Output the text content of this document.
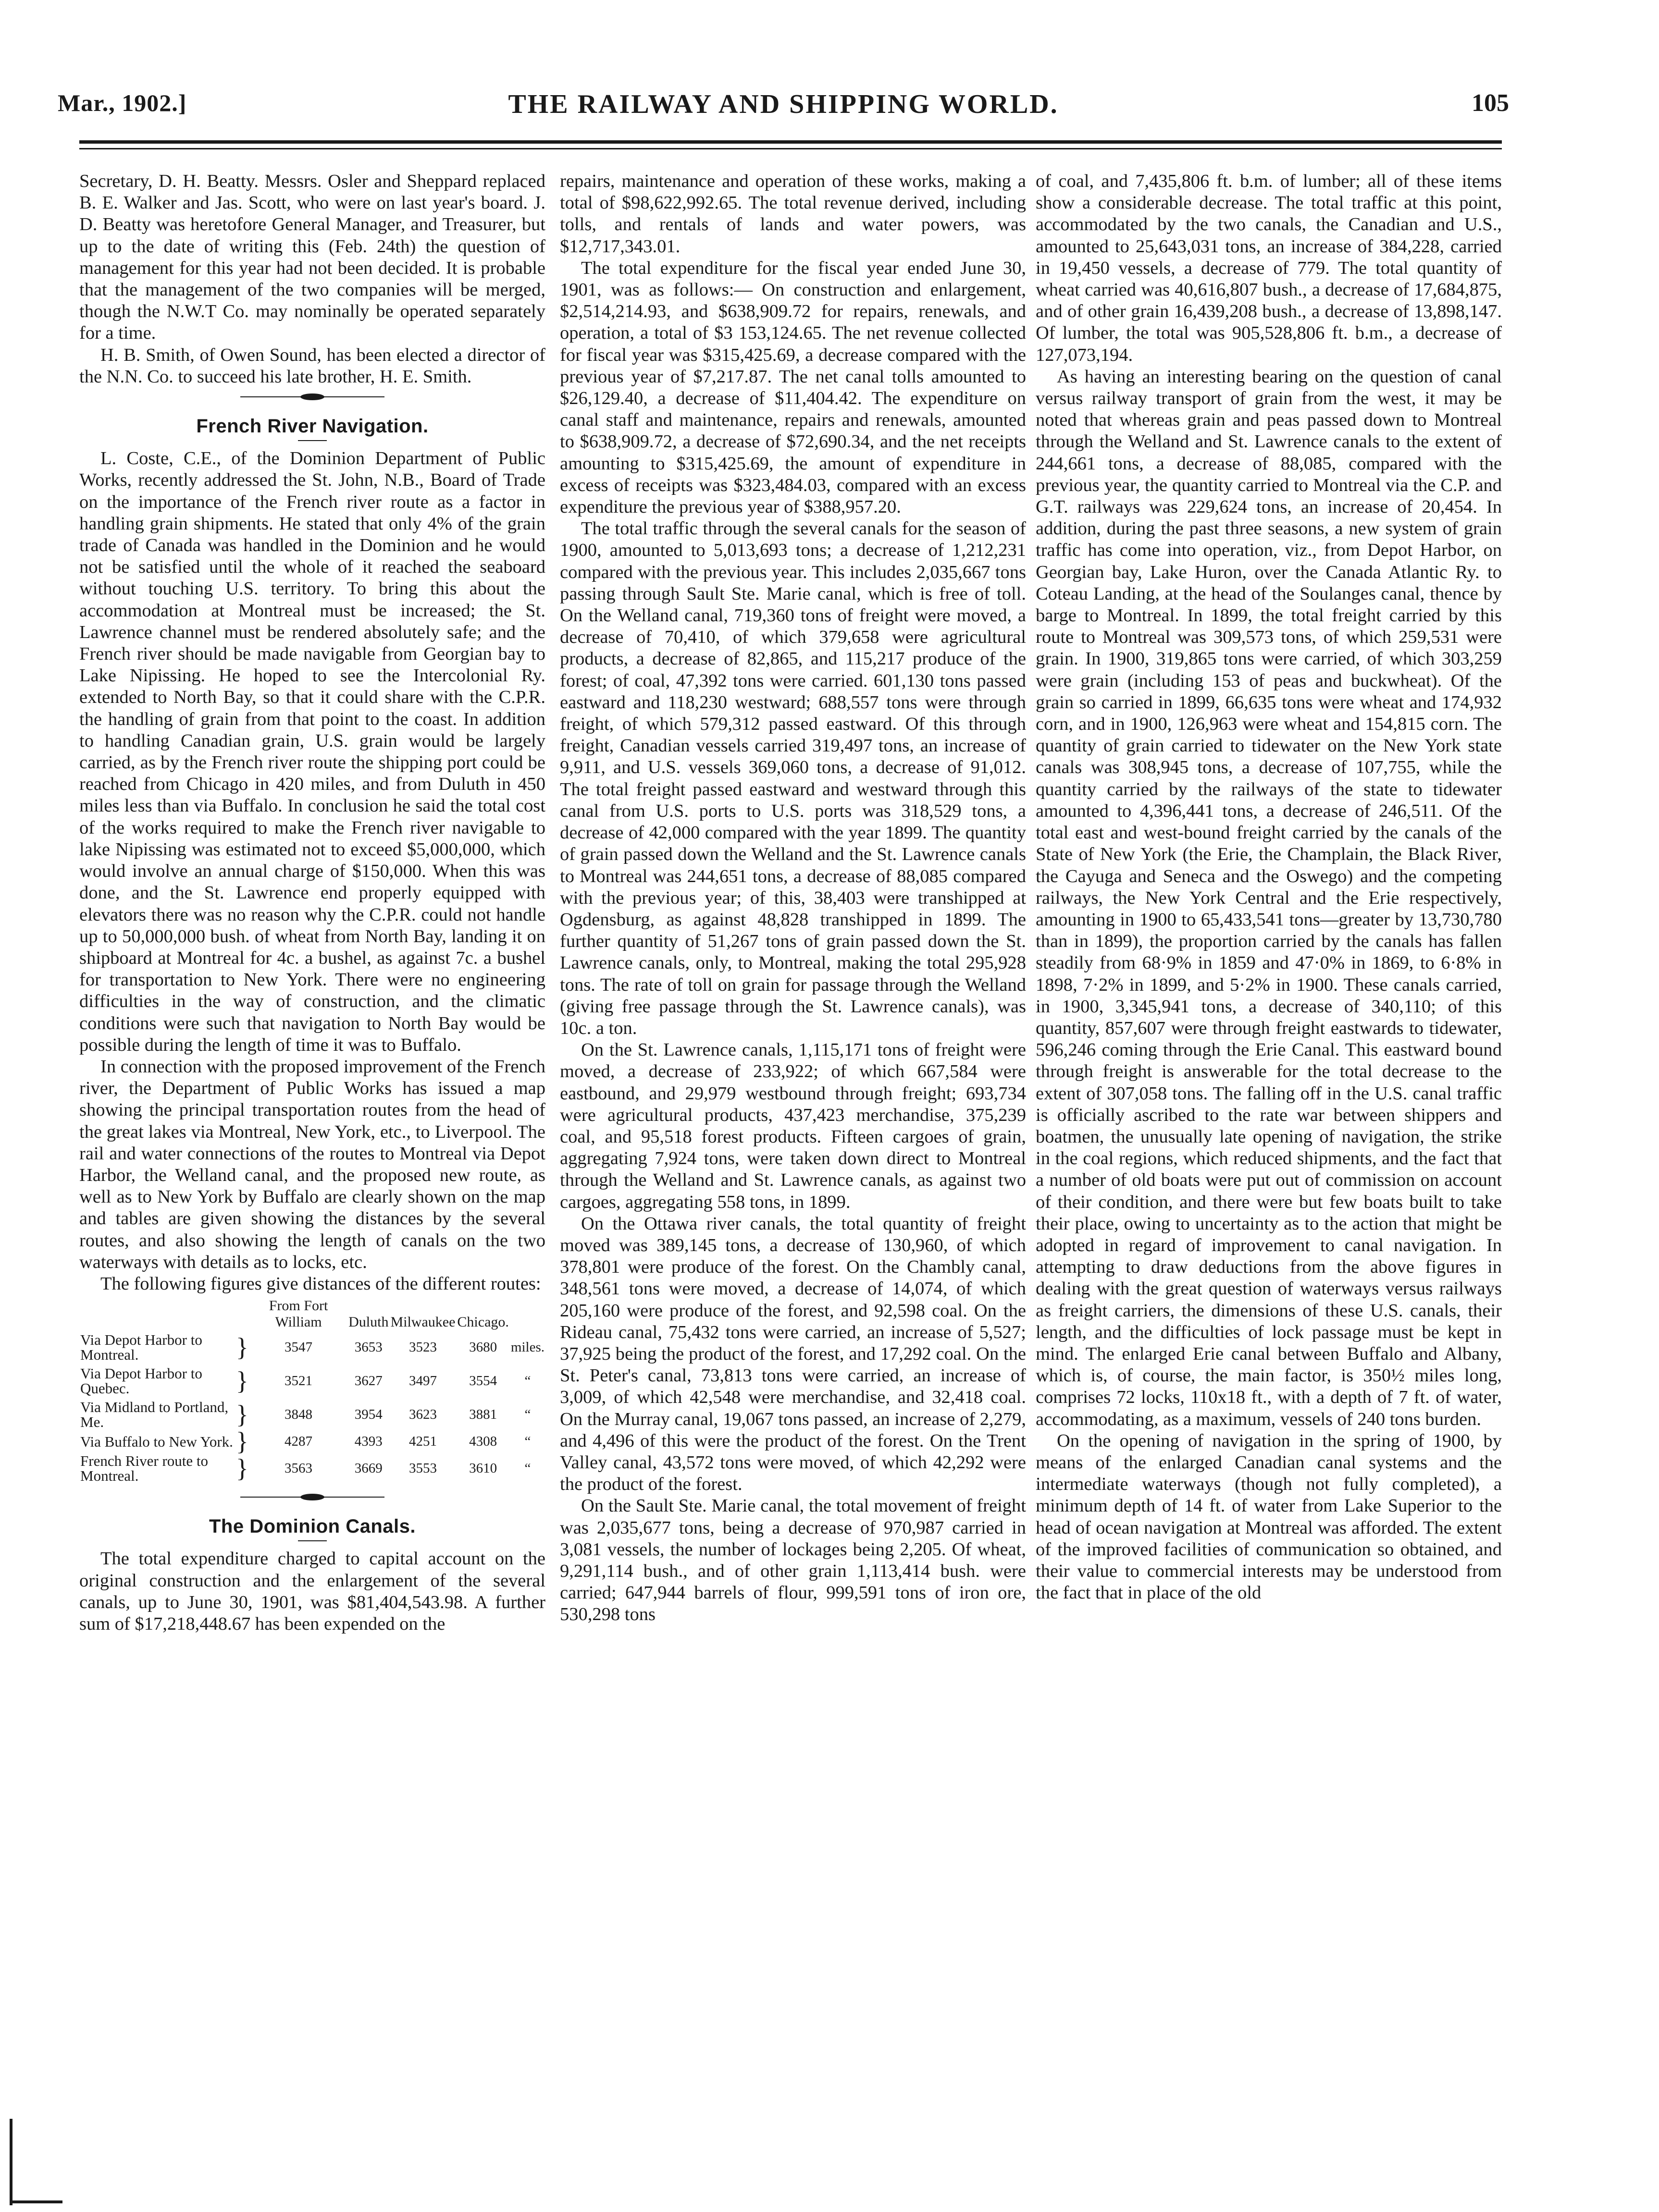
Mar., 1902.]	THE RAILWAY AND SHIPPING WORLD.	105

Secretary, D. H. Beatty. Messrs. Osler and Sheppard replaced B. E. Walker and Jas. Scott, who were on last year's board. J. D. Beatty was heretofore General Manager, and Treasurer, but up to the date of writing this (Feb. 24th) the question of management for this year had not been decided. It is probable that the management of the two companies will be merged, though the N.W.T Co. may nominally be operated separately for a time.

H. B. Smith, of Owen Sound, has been elected a director of the N.N. Co. to succeed his late brother, H. E. Smith.

French River Navigation.

L. Coste, C.E., of the Dominion Department of Public Works, recently addressed the St. John, N.B., Board of Trade on the importance of the French river route as a factor in handling grain shipments. He stated that only 4% of the grain trade of Canada was handled in the Dominion and he would not be satisfied until the whole of it reached the seaboard without touching U.S. territory. To bring this about the accommodation at Montreal must be increased; the St. Lawrence channel must be rendered absolutely safe; and the French river should be made navigable from Georgian bay to Lake Nipissing. He hoped to see the Intercolonial Ry. extended to North Bay, so that it could share with the C.P.R. the handling of grain from that point to the coast. In addition to handling Canadian grain, U.S. grain would be largely carried, as by the French river route the shipping port could be reached from Chicago in 420 miles, and from Duluth in 450 miles less than via Buffalo. In conclusion he said the total cost of the works required to make the French river navigable to lake Nipissing was estimated not to exceed $5,000,000, which would involve an annual charge of $150,000. When this was done, and the St. Lawrence end properly equipped with elevators there was no reason why the C.P.R. could not handle up to 50,000,000 bush. of wheat from North Bay, landing it on shipboard at Montreal for 4c. a bushel, as against 7c. a bushel for transportation to New York. There were no engineering difficulties in the way of construction, and the climatic conditions were such that navigation to North Bay would be possible during the length of time it was to Buffalo.

In connection with the proposed improvement of the French river, the Department of Public Works has issued a map showing the principal transportation routes from the head of the great lakes via Montreal, New York, etc., to Liverpool. The rail and water connections of the routes to Montreal via Depot Harbor, the Welland canal, and the proposed new route, as well as to New York by Buffalo are clearly shown on the map and tables are given showing the distances by the several routes, and also showing the length of canals on the two waterways with details as to locks, etc.

The following figures give distances of the different routes:

		From Fort William	Duluth	Milwaukee	Chicago.	
Via Depot Harbor to Montreal.	}	3547	3653	3523	3680	miles.
Via Depot Harbor to Quebec.	}	3521	3627	3497	3554	“
Via Midland to Portland, Me.	}	3848	3954	3623	3881	“
Via Buffalo to New York.	}	4287	4393	4251	4308	“
French River route to Montreal.	}	3563	3669	3553	3610	“
The Dominion Canals.

The total expenditure charged to capital account on the original construction and the enlargement of the several canals, up to June 30, 1901, was $81,404,543.98. A further sum of $17,218,448.67 has been expended on the

repairs, maintenance and operation of these works, making a total of $98,622,992.65. The total revenue derived, including tolls, and rentals of lands and water powers, was $12,717,343.01.

The total expenditure for the fiscal year ended June 30, 1901, was as follows:— On construction and enlargement, $2,514,214.93, and $638,909.72 for repairs, renewals, and operation, a total of $3 153,124.65. The net revenue collected for fiscal year was $315,425.69, a decrease compared with the previous year of $7,217.87. The net canal tolls amounted to $26,129.40, a decrease of $11,404.42. The expenditure on canal staff and maintenance, repairs and renewals, amounted to $638,909.72, a decrease of $72,690.34, and the net receipts amounting to $315,425.69, the amount of expenditure in excess of receipts was $323,484.03, compared with an excess expenditure the previous year of $388,957.20.

The total traffic through the several canals for the season of 1900, amounted to 5,013,693 tons; a decrease of 1,212,231 compared with the previous year. This includes 2,035,667 tons passing through Sault Ste. Marie canal, which is free of toll. On the Welland canal, 719,360 tons of freight were moved, a decrease of 70,410, of which 379,658 were agricultural products, a decrease of 82,865, and 115,217 produce of the forest; of coal, 47,392 tons were carried. 601,130 tons passed eastward and 118,230 westward; 688,557 tons were through freight, of which 579,312 passed eastward. Of this through freight, Canadian vessels carried 319,497 tons, an increase of 9,911, and U.S. vessels 369,060 tons, a decrease of 91,012. The total freight passed eastward and westward through this canal from U.S. ports to U.S. ports was 318,529 tons, a decrease of 42,000 compared with the year 1899. The quantity of grain passed down the Welland and the St. Lawrence canals to Montreal was 244,651 tons, a decrease of 88,085 compared with the previous year; of this, 38,403 were transhipped at Ogdensburg, as against 48,828 transhipped in 1899. The further quantity of 51,267 tons of grain passed down the St. Lawrence canals, only, to Montreal, making the total 295,928 tons. The rate of toll on grain for passage through the Welland (giving free passage through the St. Lawrence canals), was 10c. a ton.

On the St. Lawrence canals, 1,115,171 tons of freight were moved, a decrease of 233,922; of which 667,584 were eastbound, and 29,979 westbound through freight; 693,734 were agricultural products, 437,423 merchandise, 375,239 coal, and 95,518 forest products. Fifteen cargoes of grain, aggregating 7,924 tons, were taken down direct to Montreal through the Welland and St. Lawrence canals, as against two cargoes, aggregating 558 tons, in 1899.

On the Ottawa river canals, the total quantity of freight moved was 389,145 tons, a decrease of 130,960, of which 378,801 were produce of the forest. On the Chambly canal, 348,561 tons were moved, a decrease of 14,074, of which 205,160 were produce of the forest, and 92,598 coal. On the Rideau canal, 75,432 tons were carried, an increase of 5,527; 37,925 being the product of the forest, and 17,292 coal. On the St. Peter's canal, 73,813 tons were carried, an increase of 3,009, of which 42,548 were merchandise, and 32,418 coal. On the Murray canal, 19,067 tons passed, an increase of 2,279, and 4,496 of this were the product of the forest. On the Trent Valley canal, 43,572 tons were moved, of which 42,292 were the product of the forest.

On the Sault Ste. Marie canal, the total movement of freight was 2,035,677 tons, being a decrease of 970,987 carried in 3,081 vessels, the number of lockages being 2,205. Of wheat, 9,291,114 bush., and of other grain 1,113,414 bush. were carried; 647,944 barrels of flour, 999,591 tons of iron ore, 530,298 tons

of coal, and 7,435,806 ft. b.m. of lumber; all of these items show a considerable decrease. The total traffic at this point, accommodated by the two canals, the Canadian and U.S., amounted to 25,643,031 tons, an increase of 384,228, carried in 19,450 vessels, a decrease of 779. The total quantity of wheat carried was 40,616,807 bush., a decrease of 17,684,875, and of other grain 16,439,208 bush., a decrease of 13,898,147. Of lumber, the total was 905,528,806 ft. b.m., a decrease of 127,073,194.

As having an interesting bearing on the question of canal versus railway transport of grain from the west, it may be noted that whereas grain and peas passed down to Montreal through the Welland and St. Lawrence canals to the extent of 244,661 tons, a decrease of 88,085, compared with the previous year, the quantity carried to Montreal via the C.P. and G.T. railways was 229,624 tons, an increase of 20,454. In addition, during the past three seasons, a new system of grain traffic has come into operation, viz., from Depot Harbor, on Georgian bay, Lake Huron, over the Canada Atlantic Ry. to Coteau Landing, at the head of the Soulanges canal, thence by barge to Montreal. In 1899, the total freight carried by this route to Montreal was 309,573 tons, of which 259,531 were grain. In 1900, 319,865 tons were carried, of which 303,259 were grain (including 153 of peas and buckwheat). Of the grain so carried in 1899, 66,635 tons were wheat and 174,932 corn, and in 1900, 126,963 were wheat and 154,815 corn. The quantity of grain carried to tidewater on the New York state canals was 308,945 tons, a decrease of 107,755, while the quantity carried by the railways of the state to tidewater amounted to 4,396,441 tons, a decrease of 246,511. Of the total east and west-bound freight carried by the canals of the State of New York (the Erie, the Champlain, the Black River, the Cayuga and Seneca and the Oswego) and the competing railways, the New York Central and the Erie respectively, amounting in 1900 to 65,433,541 tons—greater by 13,730,780 than in 1899), the proportion carried by the canals has fallen steadily from 68·9% in 1859 and 47·0% in 1869, to 6·8% in 1898, 7·2% in 1899, and 5·2% in 1900. These canals carried, in 1900, 3,345,941 tons, a decrease of 340,110; of this quantity, 857,607 were through freight eastwards to tidewater, 596,246 coming through the Erie Canal. This eastward bound through freight is answerable for the total decrease to the extent of 307,058 tons. The falling off in the U.S. canal traffic is officially ascribed to the rate war between shippers and boatmen, the unusually late opening of navigation, the strike in the coal regions, which reduced shipments, and the fact that a number of old boats were put out of commission on account of their condition, and there were but few boats built to take their place, owing to uncertainty as to the action that might be adopted in regard of improvement to canal navigation. In attempting to draw deductions from the above figures in dealing with the great question of waterways versus railways as freight carriers, the dimensions of these U.S. canals, their length, and the difficulties of lock passage must be kept in mind. The enlarged Erie canal between Buffalo and Albany, which is, of course, the main factor, is 350½ miles long, comprises 72 locks, 110x18 ft., with a depth of 7 ft. of water, accommodating, as a maximum, vessels of 240 tons burden.

On the opening of navigation in the spring of 1900, by means of the enlarged Canadian canal systems and the intermediate waterways (though not fully completed), a minimum depth of 14 ft. of water from Lake Superior to the head of ocean navigation at Montreal was afforded. The extent of the improved facilities of communication so obtained, and their value to commercial interests may be understood from the fact that in place of the old
